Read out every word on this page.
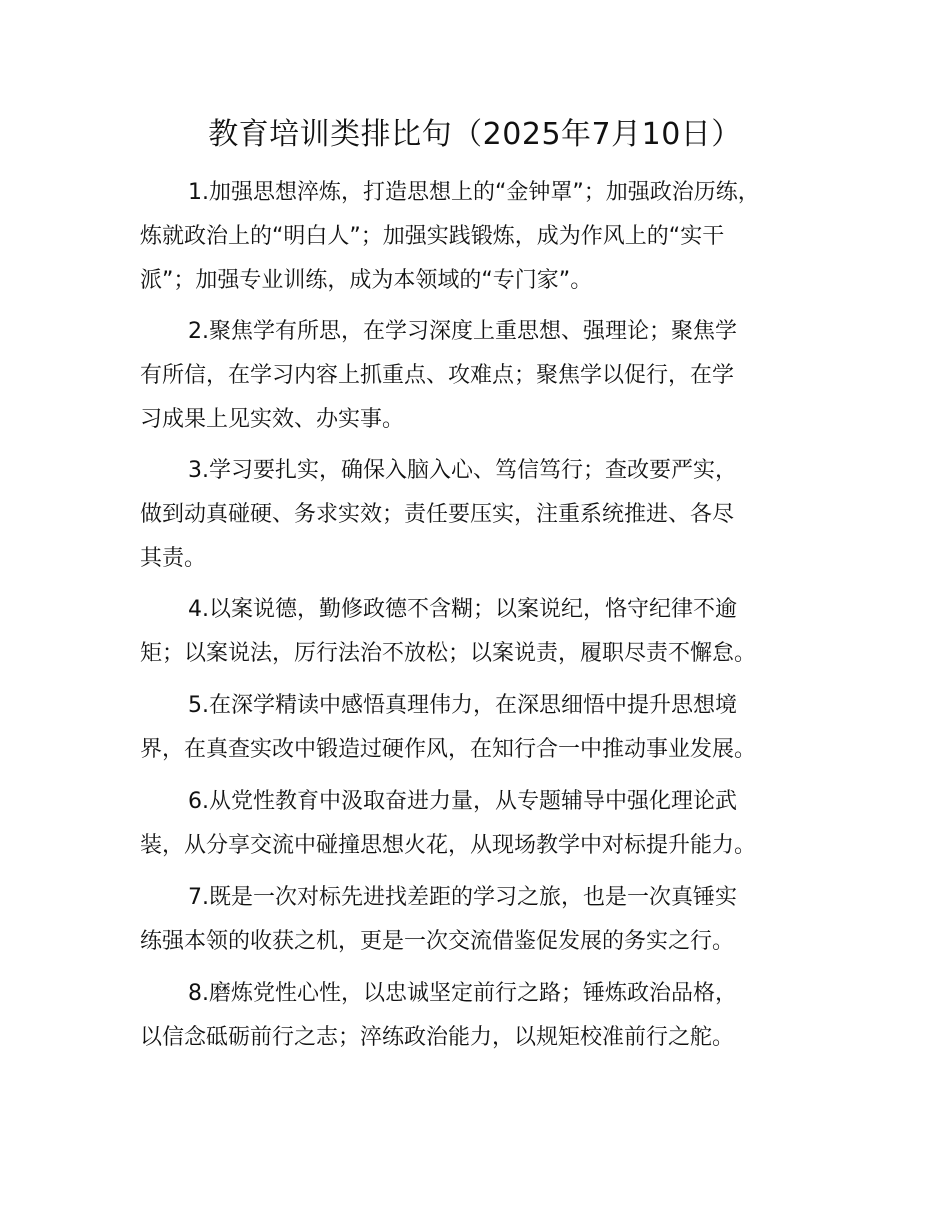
教育培训类排比句（2025年7月10日）

1.加强思想淬炼，打造思想上的“金钟罩”；加强政治历练，
炼就政治上的“明白人”；加强实践锻炼，成为作风上的“实干
派”；加强专业训练，成为本领域的“专门家”。

2.聚焦学有所思，在学习深度上重思想、强理论；聚焦学
有所信，在学习内容上抓重点、攻难点；聚焦学以促行，在学
习成果上见实效、办实事。

3.学习要扎实，确保入脑入心、笃信笃行；查改要严实，
做到动真碰硬、务求实效；责任要压实，注重系统推进、各尽
其责。

4.以案说德，勤修政德不含糊；以案说纪，恪守纪律不逾
矩；以案说法，厉行法治不放松；以案说责，履职尽责不懈怠。

5.在深学精读中感悟真理伟力，在深思细悟中提升思想境
界，在真查实改中锻造过硬作风，在知行合一中推动事业发展。

6.从党性教育中汲取奋进力量，从专题辅导中强化理论武
装，从分享交流中碰撞思想火花，从现场教学中对标提升能力。

7.既是一次对标先进找差距的学习之旅，也是一次真锤实
练强本领的收获之机，更是一次交流借鉴促发展的务实之行。

8.磨炼党性心性，以忠诚坚定前行之路；锤炼政治品格，
以信念砥砺前行之志；淬练政治能力，以规矩校准前行之舵。
